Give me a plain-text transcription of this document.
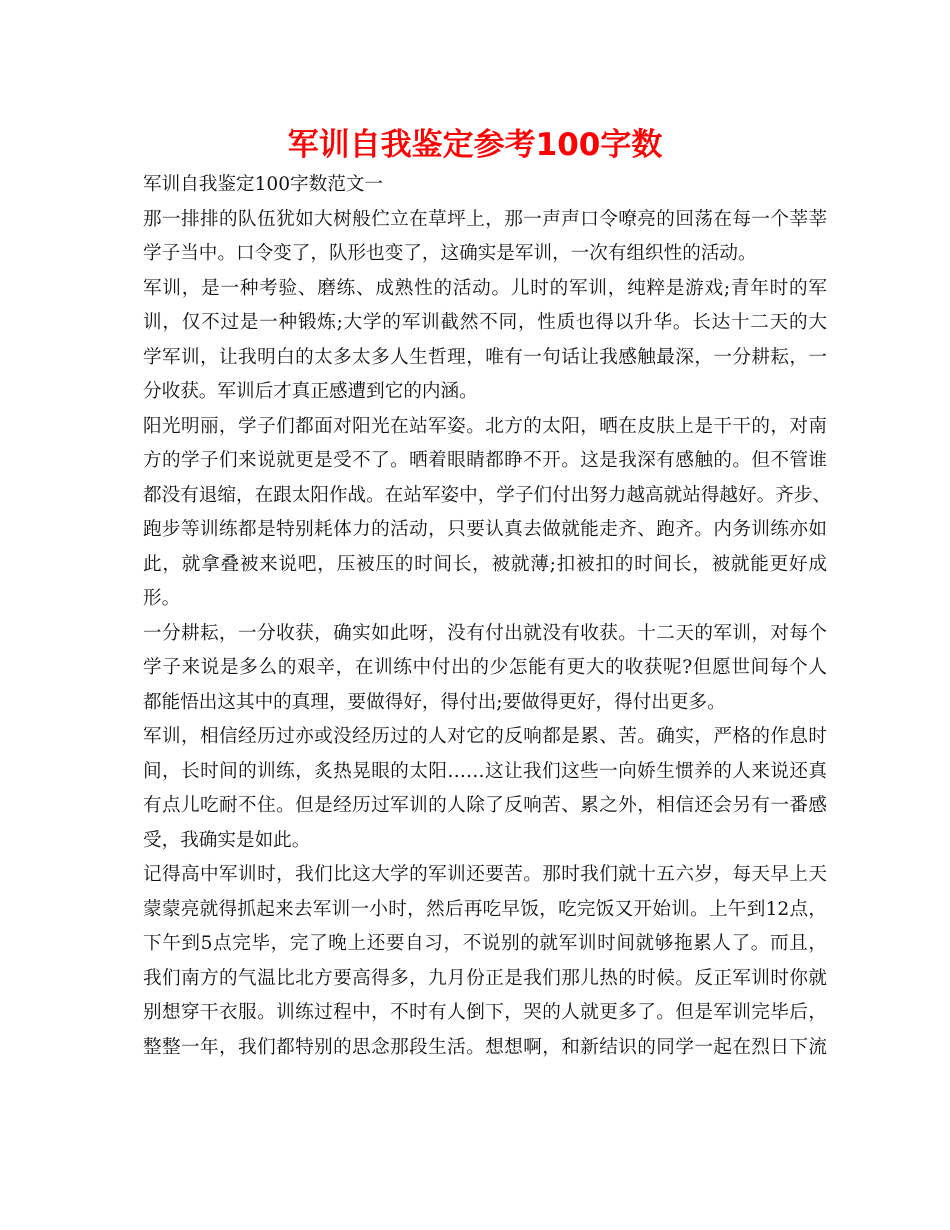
军训自我鉴定参考100字数
军训自我鉴定100字数范文一
那一排排的队伍犹如大树般伫立在草坪上，那一声声口令嘹亮的回荡在每一个莘莘
学子当中。口令变了，队形也变了，这确实是军训，一次有组织性的活动。
军训，是一种考验、磨练、成熟性的活动。儿时的军训，纯粹是游戏;青年时的军
训，仅不过是一种锻炼;大学的军训截然不同，性质也得以升华。长达十二天的大
学军训，让我明白的太多太多人生哲理，唯有一句话让我感触最深，一分耕耘，一
分收获。军训后才真正感遭到它的内涵。
阳光明丽，学子们都面对阳光在站军姿。北方的太阳，晒在皮肤上是干干的，对南
方的学子们来说就更是受不了。晒着眼睛都睁不开。这是我深有感触的。但不管谁
都没有退缩，在跟太阳作战。在站军姿中，学子们付出努力越高就站得越好。齐步、
跑步等训练都是特别耗体力的活动，只要认真去做就能走齐、跑齐。内务训练亦如
此，就拿叠被来说吧，压被压的时间长，被就薄;扣被扣的时间长，被就能更好成
形。
一分耕耘，一分收获，确实如此呀，没有付出就没有收获。十二天的军训，对每个
学子来说是多么的艰辛，在训练中付出的少怎能有更大的收获呢?但愿世间每个人
都能悟出这其中的真理，要做得好，得付出;要做得更好，得付出更多。
军训，相信经历过亦或没经历过的人对它的反响都是累、苦。确实，严格的作息时
间，长时间的训练，炙热晃眼的太阳……这让我们这些一向娇生惯养的人来说还真
有点儿吃耐不住。但是经历过军训的人除了反响苦、累之外，相信还会另有一番感
受，我确实是如此。
记得高中军训时，我们比这大学的军训还要苦。那时我们就十五六岁，每天早上天
蒙蒙亮就得抓起来去军训一小时，然后再吃早饭，吃完饭又开始训。上午到12点，
下午到5点完毕，完了晚上还要自习，不说别的就军训时间就够拖累人了。而且，
我们南方的气温比北方要高得多，九月份正是我们那儿热的时候。反正军训时你就
别想穿干衣服。训练过程中，不时有人倒下，哭的人就更多了。但是军训完毕后，
整整一年，我们都特别的思念那段生活。想想啊，和新结识的同学一起在烈日下流
